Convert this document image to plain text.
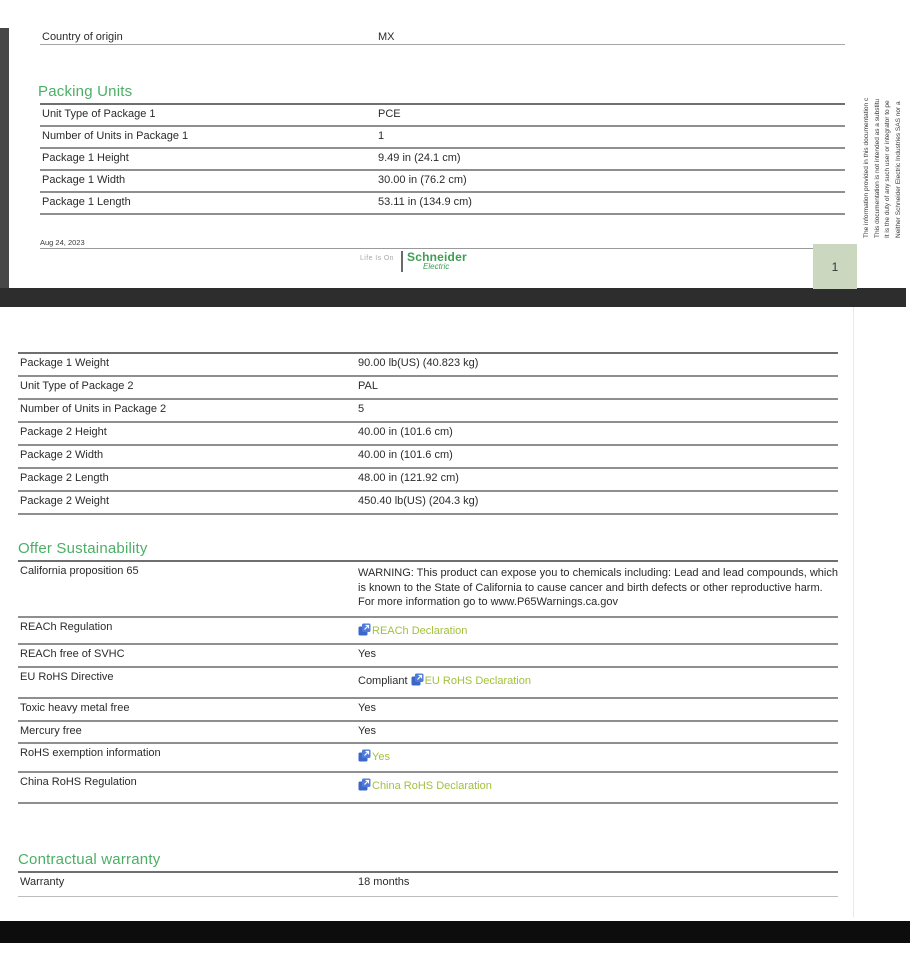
Country of origin	MX
Packing Units
Unit Type of Package 1	PCE
Number of Units in Package 1	1
Package 1 Height	9.49 in (24.1 cm)
Package 1 Width	30.00 in (76.2 cm)
Package 1 Length	53.11 in (134.9 cm)
Aug 24, 2023
Life Is On Schneider
Electric	1
The information provided in this documentation c This documentation is not intended as a substitu It is the duty of any such user or integrator to pe Neither Schneider Electric Industries SAS nor a
Package 1 Weight	90.00 lb(US) (40.823 kg)
Unit Type of Package 2	PAL
Number of Units in Package 2	5
Package 2 Height	40.00 in (101.6 cm)
Package 2 Width	40.00 in (101.6 cm)
Package 2 Length	48.00 in (121.92 cm)
Package 2 Weight	450.40 lb(US) (204.3 kg)
Offer Sustainability
California proposition 65	WARNING: This product can expose you to chemicals including: Lead and lead compounds, which is known to the State of California to cause cancer and birth defects or other reproductive harm. For more information go to www.P65Warnings.ca.gov
REACh Regulation	REACh Declaration
REACh free of SVHC	Yes
EU RoHS Directive	Compliant EU RoHS Declaration
Toxic heavy metal free	Yes
Mercury free	Yes
RoHS exemption information	Yes
China RoHS Regulation	China RoHS Declaration
Contractual warranty
Warranty	18 months
